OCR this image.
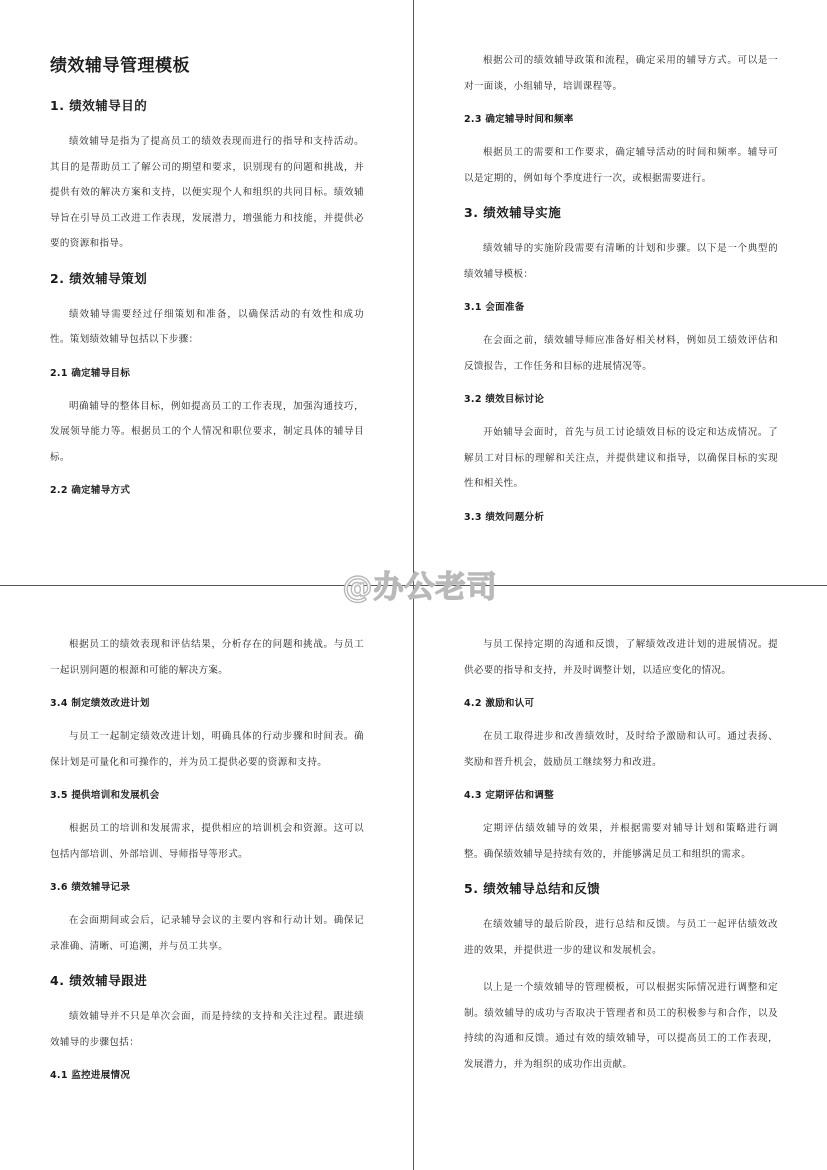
绩效辅导管理模板
1. 绩效辅导目的
绩效辅导是指为了提高员工的绩效表现而进行的指导和支持活动。其目的是帮助员工了解公司的期望和要求，识别现有的问题和挑战，并提供有效的解决方案和支持，以便实现个人和组织的共同目标。绩效辅导旨在引导员工改进工作表现，发展潜力，增强能力和技能，并提供必要的资源和指导。
2. 绩效辅导策划
绩效辅导需要经过仔细策划和准备，以确保活动的有效性和成功性。策划绩效辅导包括以下步骤：
2.1 确定辅导目标
明确辅导的整体目标，例如提高员工的工作表现，加强沟通技巧，发展领导能力等。根据员工的个人情况和职位要求，制定具体的辅导目标。
2.2 确定辅导方式
根据公司的绩效辅导政策和流程，确定采用的辅导方式。可以是一对一面谈，小组辅导，培训课程等。
2.3 确定辅导时间和频率
根据员工的需要和工作要求，确定辅导活动的时间和频率。辅导可以是定期的，例如每个季度进行一次，或根据需要进行。
3. 绩效辅导实施
绩效辅导的实施阶段需要有清晰的计划和步骤。以下是一个典型的绩效辅导模板：
3.1 会面准备
在会面之前，绩效辅导师应准备好相关材料，例如员工绩效评估和反馈报告，工作任务和目标的进展情况等。
3.2 绩效目标讨论
开始辅导会面时，首先与员工讨论绩效目标的设定和达成情况。了解员工对目标的理解和关注点，并提供建议和指导，以确保目标的实现性和相关性。
3.3 绩效问题分析
根据员工的绩效表现和评估结果，分析存在的问题和挑战。与员工一起识别问题的根源和可能的解决方案。
3.4 制定绩效改进计划
与员工一起制定绩效改进计划，明确具体的行动步骤和时间表。确保计划是可量化和可操作的，并为员工提供必要的资源和支持。
3.5 提供培训和发展机会
根据员工的培训和发展需求，提供相应的培训机会和资源。这可以包括内部培训、外部培训、导师指导等形式。
3.6 绩效辅导记录
在会面期间或会后，记录辅导会议的主要内容和行动计划。确保记录准确、清晰、可追溯，并与员工共享。
4. 绩效辅导跟进
绩效辅导并不只是单次会面，而是持续的支持和关注过程。跟进绩效辅导的步骤包括：
4.1 监控进展情况
与员工保持定期的沟通和反馈，了解绩效改进计划的进展情况。提供必要的指导和支持，并及时调整计划，以适应变化的情况。
4.2 激励和认可
在员工取得进步和改善绩效时，及时给予激励和认可。通过表扬、奖励和晋升机会，鼓励员工继续努力和改进。
4.3 定期评估和调整
定期评估绩效辅导的效果，并根据需要对辅导计划和策略进行调整。确保绩效辅导是持续有效的，并能够满足员工和组织的需求。
5. 绩效辅导总结和反馈
在绩效辅导的最后阶段，进行总结和反馈。与员工一起评估绩效改进的效果，并提供进一步的建议和发展机会。
以上是一个绩效辅导的管理模板，可以根据实际情况进行调整和定制。绩效辅导的成功与否取决于管理者和员工的积极参与和合作，以及持续的沟通和反馈。通过有效的绩效辅导，可以提高员工的工作表现，发展潜力，并为组织的成功作出贡献。
@办公老司
